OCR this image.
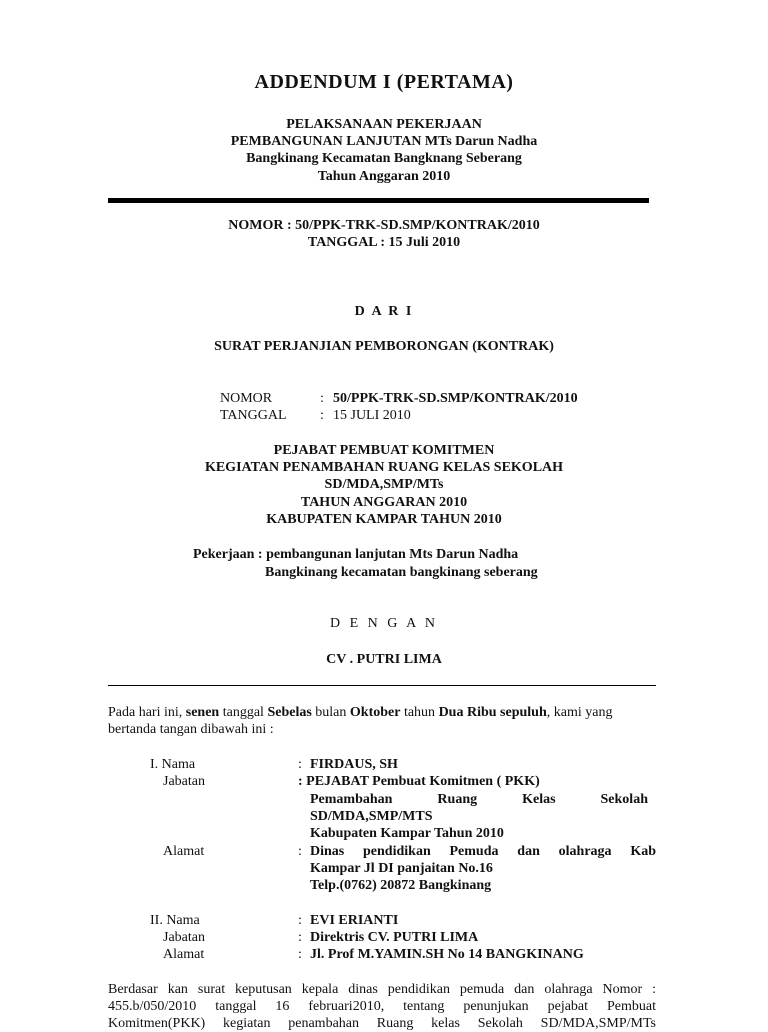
ADDENDUM I (PERTAMA)
PELAKSANAAN PEKERJAAN
PEMBANGUNAN LANJUTAN MTs Darun Nadha
Bangkinang Kecamatan Bangknang Seberang
Tahun Anggaran 2010
NOMOR : 50/PPK-TRK-SD.SMP/KONTRAK/2010
TANGGAL : 15 Juli 2010
D A R I
SURAT PERJANJIAN PEMBORONGAN (KONTRAK)
NOMOR	: 50/PPK-TRK-SD.SMP/KONTRAK/2010
TANGGAL : 15 JULI 2010
PEJABAT PEMBUAT KOMITMEN
KEGIATAN PENAMBAHAN RUANG KELAS SEKOLAH
SD/MDA,SMP/MTs
TAHUN ANGGARAN 2010
KABUPATEN KAMPAR TAHUN 2010
Pekerjaan : pembangunan lanjutan Mts Darun Nadha
Bangkinang kecamatan bangkinang seberang
D E N G A N
CV . PUTRI LIMA
Pada hari ini, senen tanggal Sebelas bulan Oktober tahun Dua Ribu sepuluh, kami yang
bertanda tangan dibawah ini :
I. Nama	: FIRDAUS, SH
Jabatan	: PEJABAT Pembuat Komitmen ( PKK)
Pemambahan Ruang Kelas Sekolah
SD/MDA,SMP/MTS
Kabupaten Kampar Tahun 2010
Alamat	: Dinas pendidikan Pemuda dan olahraga Kab
Kampar Jl DI panjaitan No.16
Telp.(0762) 20872 Bangkinang
II. Nama	: EVI ERIANTI
Jabatan	: Direktris CV. PUTRI LIMA
Alamat	: Jl. Prof M.YAMIN.SH No 14 BANGKINANG
Berdasar kan surat keputusan kepala dinas pendidikan pemuda dan olahraga Nomor :
455.b/050/2010 tanggal 16 februari2010, tentang penunjukan pejabat Pembuat
Komitmen(PKK) kegiatan penambahan Ruang kelas Sekolah SD/MDA,SMP/MTs
